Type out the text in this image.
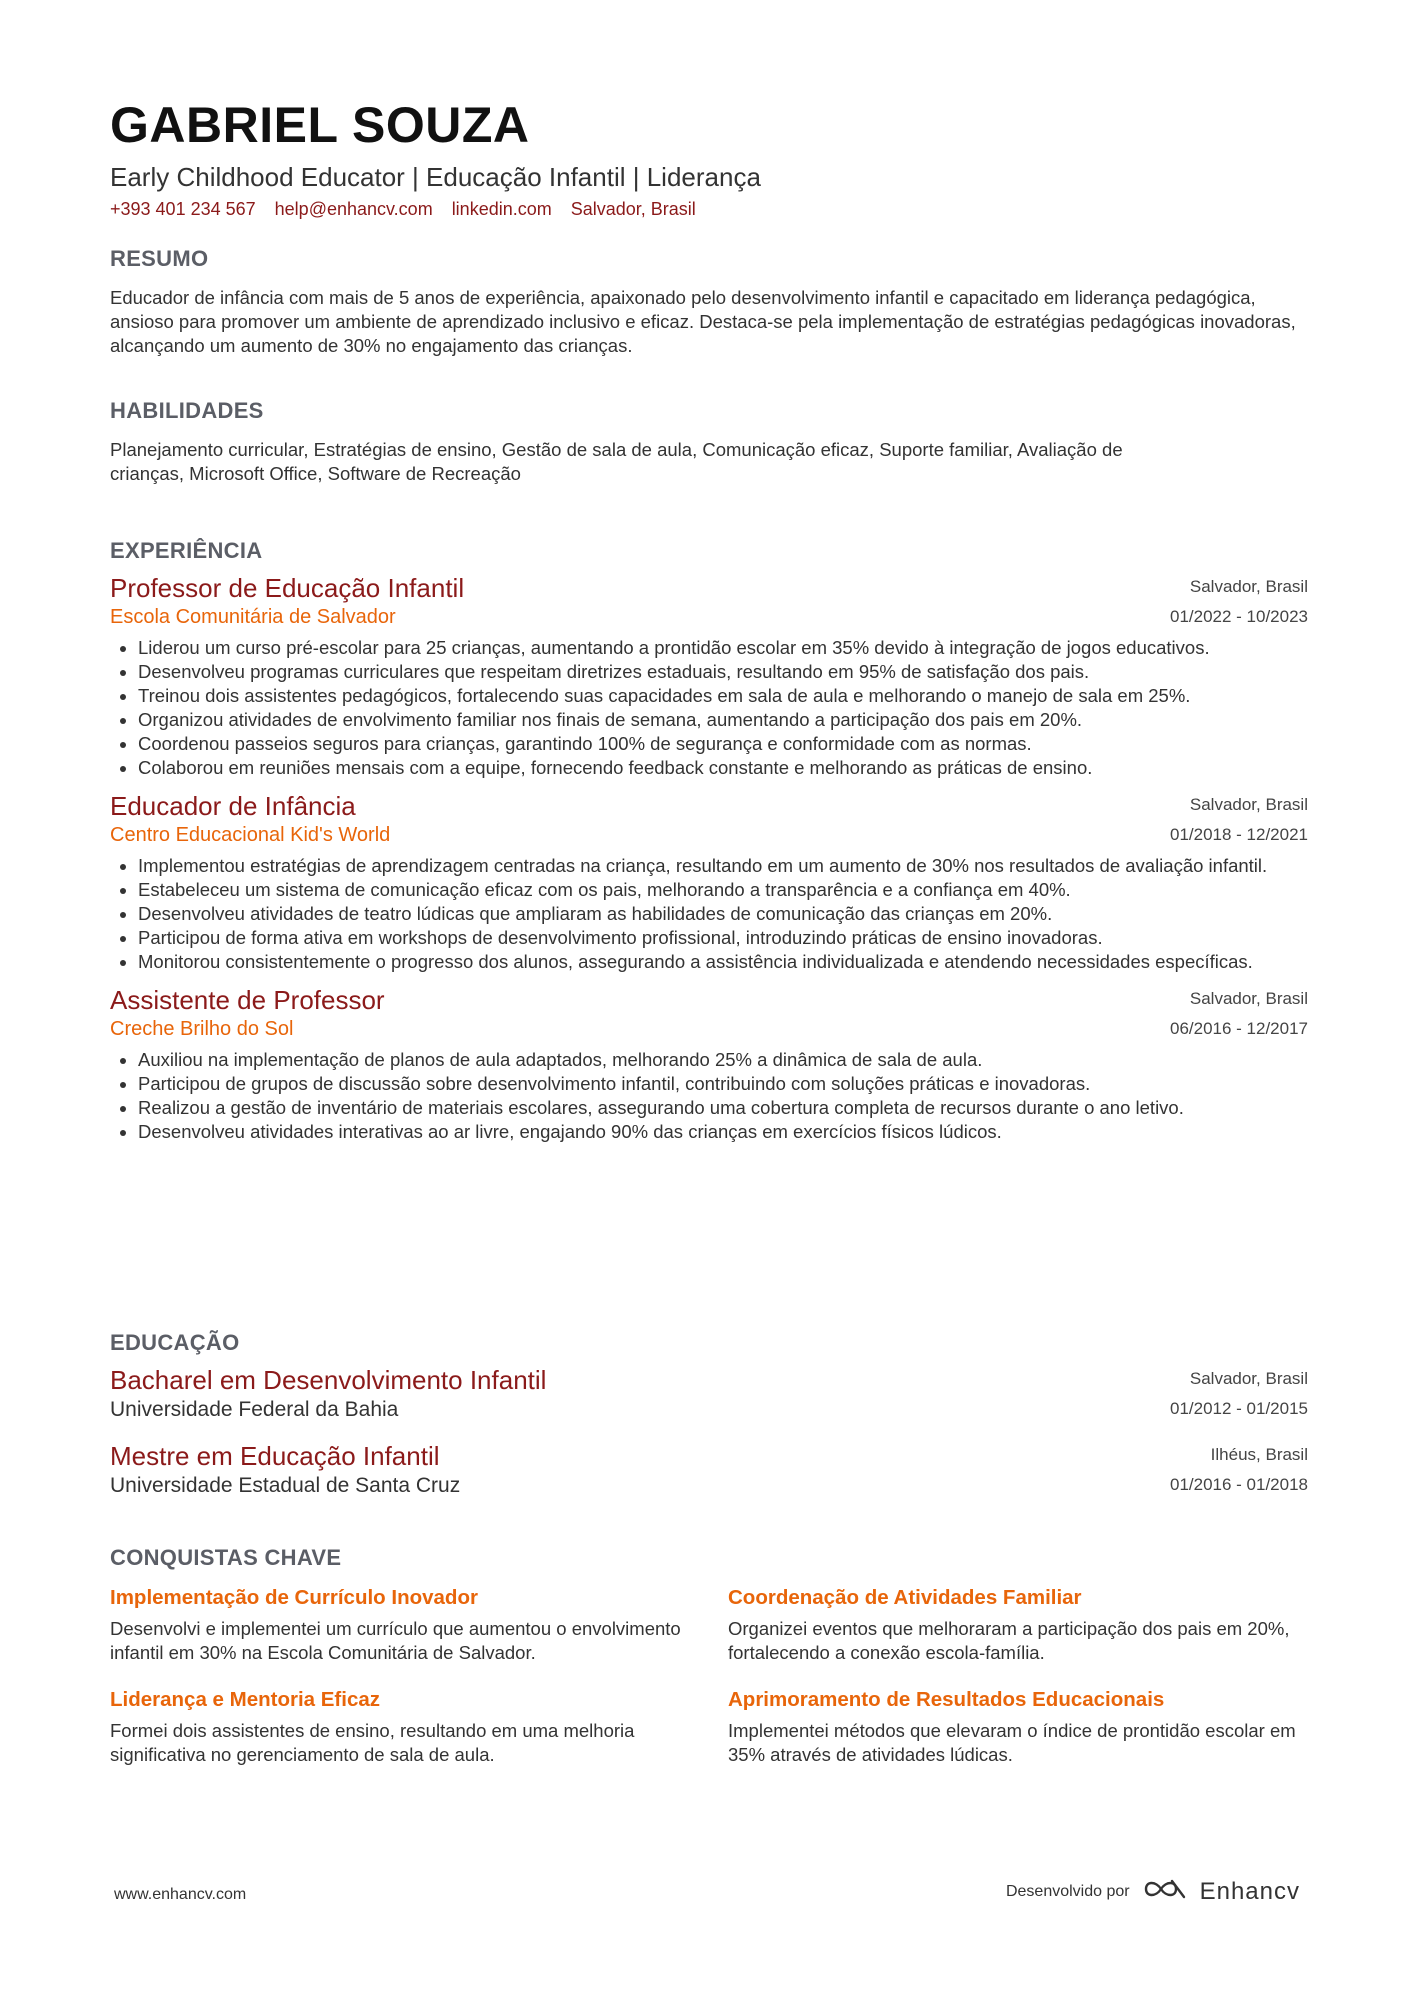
GABRIEL SOUZA
Early Childhood Educator | Educação Infantil | Liderança
+393 401 234 567 help@enhancv.com linkedin.com Salvador, Brasil
RESUMO
Educador de infância com mais de 5 anos de experiência, apaixonado pelo desenvolvimento infantil e capacitado em liderança pedagógica, ansioso para promover um ambiente de aprendizado inclusivo e eficaz. Destaca-se pela implementação de estratégias pedagógicas inovadoras, alcançando um aumento de 30% no engajamento das crianças.
HABILIDADES
Planejamento curricular, Estratégias de ensino, Gestão de sala de aula, Comunicação eficaz, Suporte familiar, Avaliação de crianças, Microsoft Office, Software de Recreação
EXPERIÊNCIA
Professor de Educação Infantil
Escola Comunitária de Salvador
Salvador, Brasil
01/2022 - 10/2023
• Liderou um curso pré-escolar para 25 crianças, aumentando a prontidão escolar em 35% devido à integração de jogos educativos.
• Desenvolveu programas curriculares que respeitam diretrizes estaduais, resultando em 95% de satisfação dos pais.
• Treinou dois assistentes pedagógicos, fortalecendo suas capacidades em sala de aula e melhorando o manejo de sala em 25%.
• Organizou atividades de envolvimento familiar nos finais de semana, aumentando a participação dos pais em 20%.
• Coordenou passeios seguros para crianças, garantindo 100% de segurança e conformidade com as normas.
• Colaborou em reuniões mensais com a equipe, fornecendo feedback constante e melhorando as práticas de ensino.
Educador de Infância
Centro Educacional Kid's World
Salvador, Brasil
01/2018 - 12/2021
• Implementou estratégias de aprendizagem centradas na criança, resultando em um aumento de 30% nos resultados de avaliação infantil.
• Estabeleceu um sistema de comunicação eficaz com os pais, melhorando a transparência e a confiança em 40%.
• Desenvolveu atividades de teatro lúdicas que ampliaram as habilidades de comunicação das crianças em 20%.
• Participou de forma ativa em workshops de desenvolvimento profissional, introduzindo práticas de ensino inovadoras.
• Monitorou consistentemente o progresso dos alunos, assegurando a assistência individualizada e atendendo necessidades específicas.
Assistente de Professor
Creche Brilho do Sol
Salvador, Brasil
06/2016 - 12/2017
• Auxiliou na implementação de planos de aula adaptados, melhorando 25% a dinâmica de sala de aula.
• Participou de grupos de discussão sobre desenvolvimento infantil, contribuindo com soluções práticas e inovadoras.
• Realizou a gestão de inventário de materiais escolares, assegurando uma cobertura completa de recursos durante o ano letivo.
• Desenvolveu atividades interativas ao ar livre, engajando 90% das crianças em exercícios físicos lúdicos.
EDUCAÇÃO
Bacharel em Desenvolvimento Infantil
Universidade Federal da Bahia
Salvador, Brasil
01/2012 - 01/2015
Mestre em Educação Infantil
Universidade Estadual de Santa Cruz
Ilhéus, Brasil
01/2016 - 01/2018
CONQUISTAS CHAVE
Implementação de Currículo Inovador
Desenvolvi e implementei um currículo que aumentou o envolvimento infantil em 30% na Escola Comunitária de Salvador.
Coordenação de Atividades Familiar
Organizei eventos que melhoraram a participação dos pais em 20%, fortalecendo a conexão escola-família.
Liderança e Mentoria Eficaz
Formei dois assistentes de ensino, resultando em uma melhoria significativa no gerenciamento de sala de aula.
Aprimoramento de Resultados Educacionais
Implementei métodos que elevaram o índice de prontidão escolar em 35% através de atividades lúdicas.
www.enhancv.com	Desenvolvido por	Enhancv
